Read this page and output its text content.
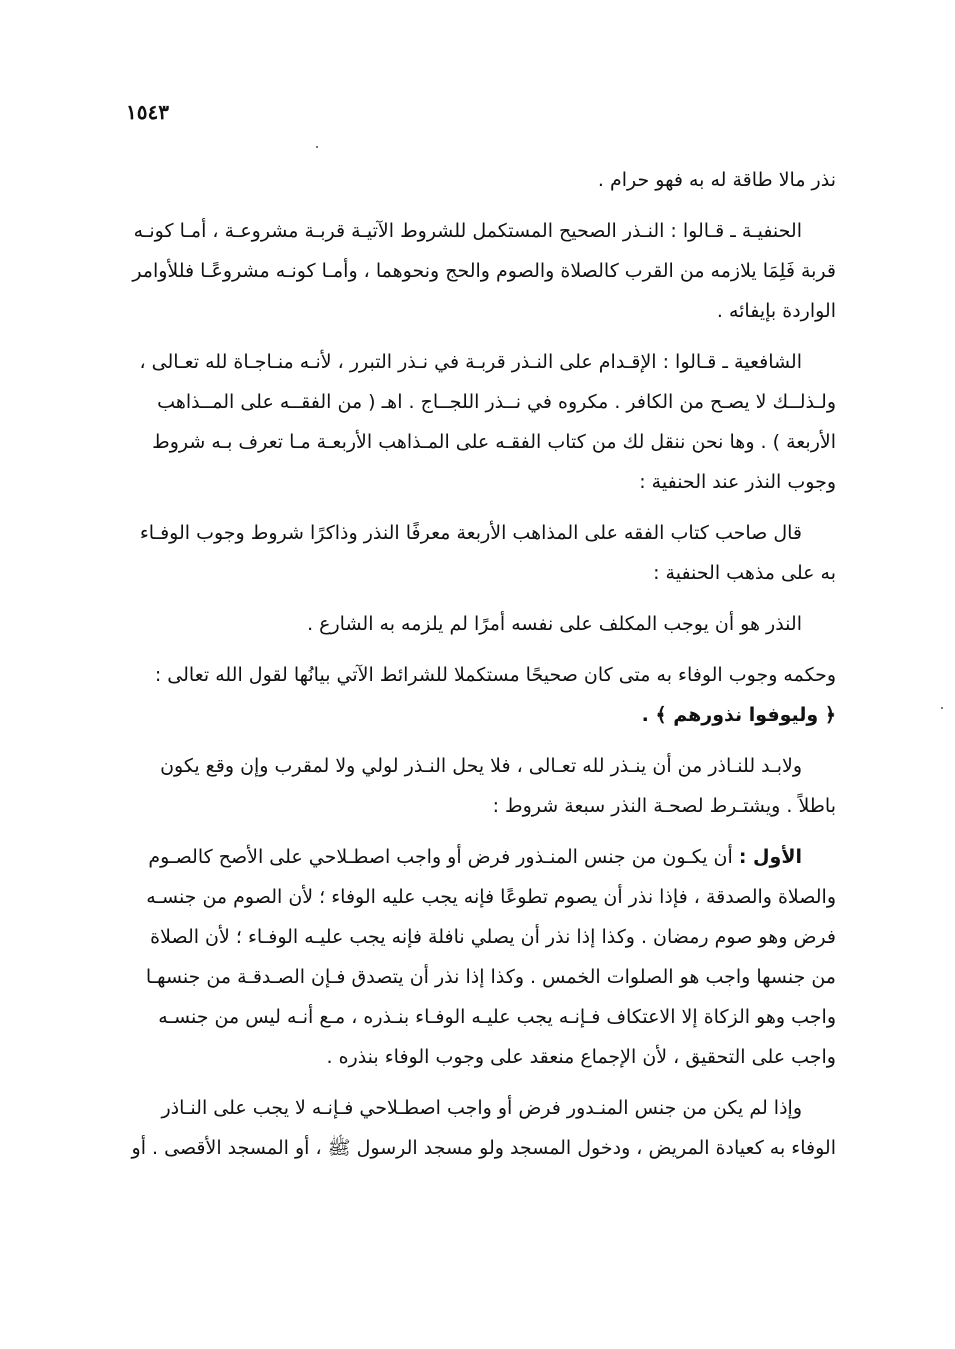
١٥٤٣

نذر مالا طاقة له به فهو حرام .

الحنفيـة ـ قـالوا : النـذر الصحيح المستكمل للشروط الآتيـة قربـة مشروعـة ، أمـا كونـه
قربة فَلِمَا يلازمه من القرب كالصلاة والصوم والحج ونحوهما ، وأمـا كونـه مشروعًـا فللأوامر
الواردة بإيفائه .

الشافعية ـ قـالوا : الإقـدام على النـذر قربـة في نـذر التبرر ، لأنـه منـاجـاة لله تعـالى ،
ولـذلــك لا يصـح من الكافر . مكروه في نــذر اللجــاج . اهـ ( من الفقــه على المــذاهب
الأربعة ) . وها نحن ننقل لك من كتاب الفقـه على المـذاهب الأربعـة مـا تعرف بـه شروط
وجوب النذر عند الحنفية :

قال صاحب كتاب الفقه على المذاهب الأربعة معرفًا النذر وذاكرًا شروط وجوب الوفـاء
به على مذهب الحنفية :

النذر هو أن يوجب المكلف على نفسه أمرًا لم يلزمه به الشارع .

وحكمه وجوب الوفاء به متى كان صحيحًا مستكملا للشرائط الآتي بيانُها لقول الله تعالى :
﴿ وليوفوا نذورهم ﴾ .

ولابـد للنـاذر من أن ينـذر لله تعـالى ، فلا يحل النـذر لولي ولا لمقرب وإن وقع يكون
باطلاً . ويشتـرط لصحـة النذر سبعة شروط :

الأول : أن يكـون من جنس المنـذور فرض أو واجب اصطـلاحي على الأصح كالصـوم
والصلاة والصدقة ، فإذا نذر أن يصوم تطوعًا فإنه يجب عليه الوفاء ؛ لأن الصوم من جنسـه
فرض وهو صوم رمضان . وكذا إذا نذر أن يصلي نافلة فإنه يجب عليـه الوفـاء ؛ لأن الصلاة
من جنسها واجب هو الصلوات الخمس . وكذا إذا نذر أن يتصدق فـإن الصـدقـة من جنسهـا
واجب وهو الزكاة إلا الاعتكاف فـإنـه يجب عليـه الوفـاء بنـذره ، مـع أنـه ليس من جنسـه
واجب على التحقيق ، لأن الإجماع منعقد على وجوب الوفاء بنذره .

وإذا لم يكن من جنس المنـدور فرض أو واجب اصطـلاحي فـإنـه لا يجب على النـاذر
الوفاء به كعيادة المريض ، ودخول المسجد ولو مسجد الرسول ﷺ ، أو المسجد الأقصى . أو
